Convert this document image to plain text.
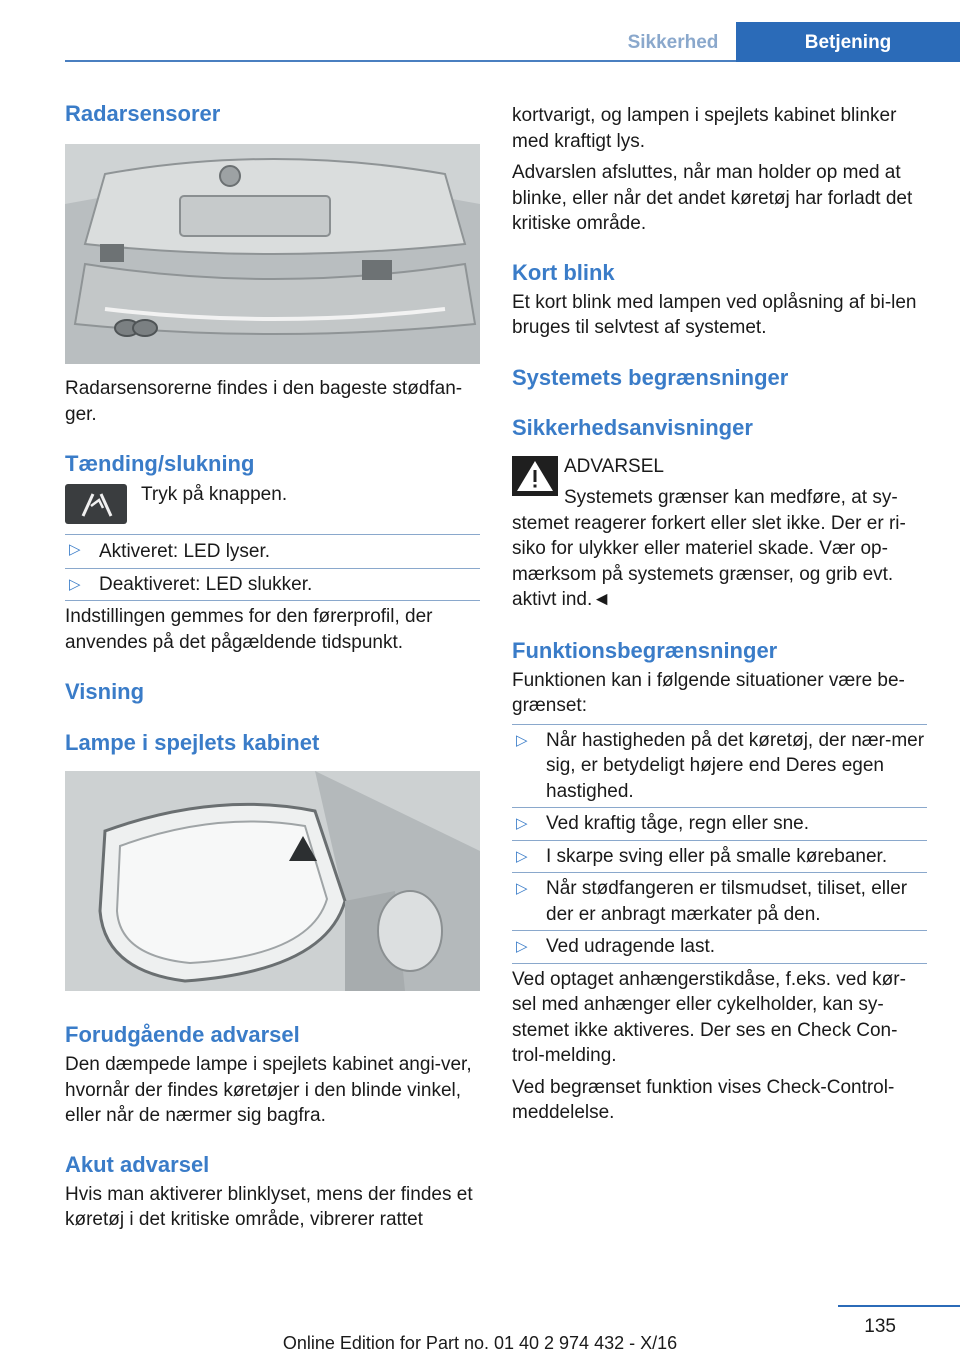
Sikkerhed	Betjening
Radarsensorer

Radarsensorerne findes i den bageste stødfan-ger.

Tænding/slukning

Tryk på knappen.

▷ Aktiveret: LED lyser.
▷ Deaktiveret: LED slukker.

Indstillingen gemmes for den førerprofil, der anvendes på det pågældende tidspunkt.

Visning
Lampe i spejlets kabinet
Forudgående advarsel

Den dæmpede lampe i spejlets kabinet angi-ver, hvornår der findes køretøjer i den blinde vinkel, eller når de nærmer sig bagfra.

Akut advarsel

Hvis man aktiverer blinklyset, mens der findes et køretøj i det kritiske område, vibrerer rattet

kortvarigt, og lampen i spejlets kabinet blinker med kraftigt lys.

Advarslen afsluttes, når man holder op med at blinke, eller når det andet køretøj har forladt det kritiske område.

Kort blink

Et kort blink med lampen ved oplåsning af bi-len bruges til selvtest af systemet.

Systemets begrænsninger
Sikkerhedsanvisninger

ADVARSEL

Systemets grænser kan medføre, at sy-

stemet reagerer forkert eller slet ikke. Der er ri-siko for ulykker eller materiel skade. Vær op-mærksom på systemets grænser, og grib evt. aktivt ind.◄

Funktionsbegrænsninger

Funktionen kan i følgende situationer være be-grænset:

▷ Når hastigheden på det køretøj, der nær-mer sig, er betydeligt højere end Deres egen hastighed.
▷ Ved kraftig tåge, regn eller sne.
▷ I skarpe sving eller på smalle kørebaner.
▷ Når stødfangeren er tilsmudset, tiliset, eller der er anbragt mærkater på den.
▷ Ved udragende last.

Ved optaget anhængerstikdåse, f.eks. ved kør-sel med anhænger eller cykelholder, kan sy-stemet ikke aktiveres. Der ses en Check Con-trol-melding.

Ved begrænset funktion vises Check-Control-meddelelse.

135
Online Edition for Part no. 01 40 2 974 432 - X/16
